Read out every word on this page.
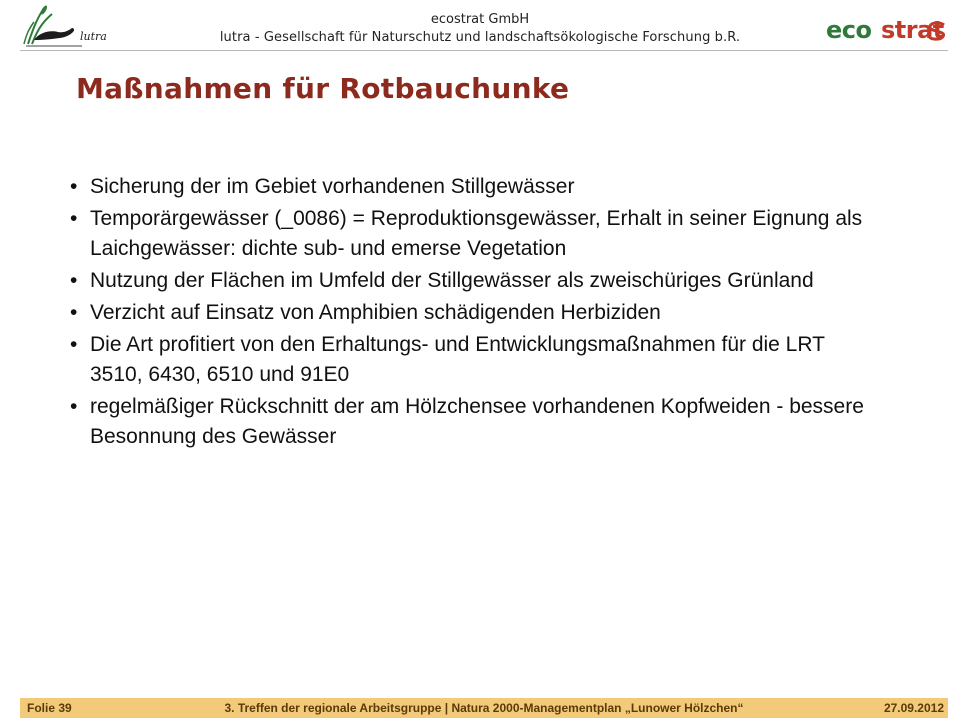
lutra
ecostrat GmbH
lutra - Gesellschaft für Naturschutz und landschaftsökologische Forschung b.R.	eco strat
Maßnahmen für Rotbauchunke
• Sicherung der im Gebiet vorhandenen Stillgewässer
• Temporärgewässer (_0086) = Reproduktionsgewässer, Erhalt in seiner Eignung als Laichgewässer: dichte sub- und emerse Vegetation
• Nutzung der Flächen im Umfeld der Stillgewässer als zweischüriges Grünland
• Verzicht auf Einsatz von Amphibien schädigenden Herbiziden
• Die Art profitiert von den Erhaltungs- und Entwicklungsmaßnahmen für die LRT 3510, 6430, 6510 und 91E0
• regelmäßiger Rückschnitt der am Hölzchensee vorhandenen Kopfweiden - bessere Besonnung des Gewässer
Folie 39	3. Treffen der regionale Arbeitsgruppe | Natura 2000-Managementplan „Lunower Hölzchen“	27.09.2012
